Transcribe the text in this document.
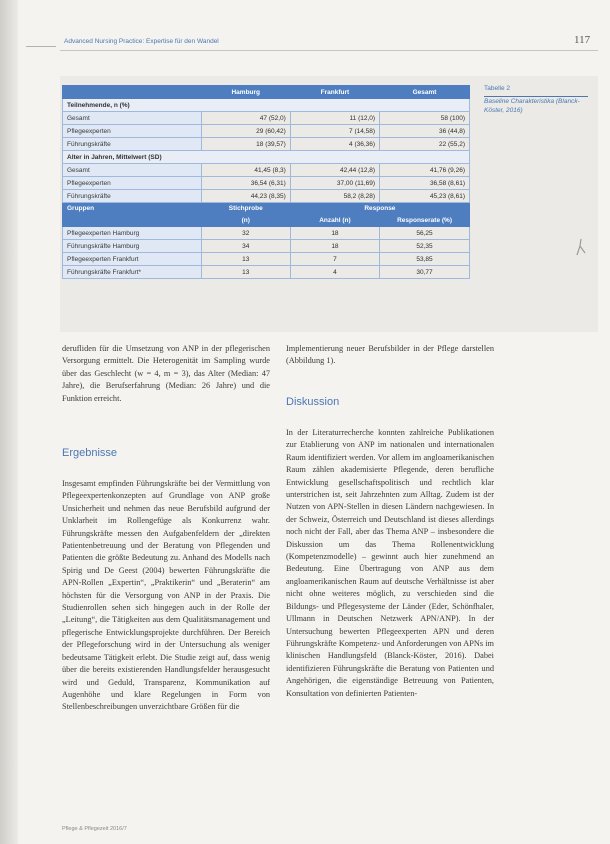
Advanced Nursing Practice: Expertise für den Wandel	117
	Hamburg	Frankfurt	Gesamt
Teilnehmende, n (%)			
Gesamt	47 (52,0)	11 (12,0)	58 (100)
Pflegeexperten	29 (60,42)	7 (14,58)	36 (44,8)
Führungskräfte	18 (39,57)	4 (36,36)	22 (55,2)
Alter in Jahren, Mittelwert (SD)			
Gesamt	41,45 (8,3)	42,44 (12,8)	41,76 (9,26)
Pflegeexperten	36,54 (6,31)	37,00 (11,69)	36,58 (8,61)
Führungskräfte	44,23 (8,35)	58,2 (8,28)	45,23 (8,61)
Gruppen	Stichprobe	Response	
	(n)	Anzahl (n)	Responserate (%)
Pflegeexperten Hamburg	32	18	56,25
Führungskräfte Hamburg	34	18	52,35
Pflegeexperten Frankfurt	13	7	53,85
Führungskräfte Frankfurt*	13	4	30,77
Tabelle 2
Baseline Charakteristika (Blanck-Köster, 2016)
derufliden für die Umsetzung von ANP in der pflegerischen Versorgung ermittelt. Die Heterogenität im Sampling wurde über das Geschlecht (w = 4, m = 3), das Alter (Median: 47 Jahre), die Berufserfahrung (Median: 26 Jahre) und die Funktion erreicht.
Ergebnisse
Insgesamt empfinden Führungskräfte bei der Vermittlung von Pflegeexpertenkonzepten auf Grundlage von ANP große Unsicherheit und nehmen das neue Berufsbild aufgrund der Unklarheit im Rollengefüge als Konkurrenz wahr. Führungskräfte messen den Aufgabenfeldern der „direkten Patientenbetreuung und der Beratung von Pflegenden und Patienten die größte Bedeutung zu. Anhand des Modells nach Spirig und De Geest (2004) bewerten Führungskräfte die APN-Rollen „Expertin“, „Praktikerin“ und „Beraterin“ am höchsten für die Versorgung von ANP in der Praxis. Die Studienrollen sehen sich hingegen auch in der Rolle der „Leitung“, die Tätigkeiten aus dem Qualitätsmanagement und pflegerische Entwicklungsprojekte durchführen. Der Bereich der Pflegeforschung wird in der Untersuchung als weniger bedeutsame Tätigkeit erlebt. Die Studie zeigt auf, dass wenig über die bereits existierenden Handlungsfelder herausgesucht wird und Geduld, Transparenz, Kommunikation auf Augenhöhe und klare Regelungen in Form von Stellenbeschreibungen unverzichtbare Größen für die
Implementierung neuer Berufsbilder in der Pflege darstellen (Abbildung 1).
Diskussion
In der Literaturrecherche konnten zahlreiche Publikationen zur Etablierung von ANP im nationalen und internationalen Raum identifiziert werden. Vor allem im angloamerikanischen Raum zählen akademisierte Pflegende, deren berufliche Entwicklung gesellschaftspolitisch und rechtlich klar unterstrichen ist, seit Jahrzehnten zum Alltag. Zudem ist der Nutzen von APN-Stellen in diesen Ländern nachgewiesen. In der Schweiz, Österreich und Deutschland ist dieses allerdings noch nicht der Fall, aber das Thema ANP – insbesondere die Diskussion um das Thema Rollenentwicklung (Kompetenzmodelle) – gewinnt auch hier zunehmend an Bedeutung. Eine Übertragung von ANP aus dem angloamerikanischen Raum auf deutsche Verhältnisse ist aber nicht ohne weiteres möglich, zu verschieden sind die Bildungs- und Pflegesysteme der Länder (Eder, Schönfhaler, Ullmann in Deutschen Netzwerk APN/ANP). In der Untersuchung bewerten Pflegeexperten APN und deren Führungskräfte Kompetenz- und Anforderungen von APNs im klinischen Handlungsfeld (Blanck-Köster, 2016). Dabei identifizieren Führungskräfte die Beratung von Patienten und Angehörigen, die eigenständige Betreuung von Patienten, Konsultation von definierten Patienten-
Pflege & Pflegezeit 2016/7
